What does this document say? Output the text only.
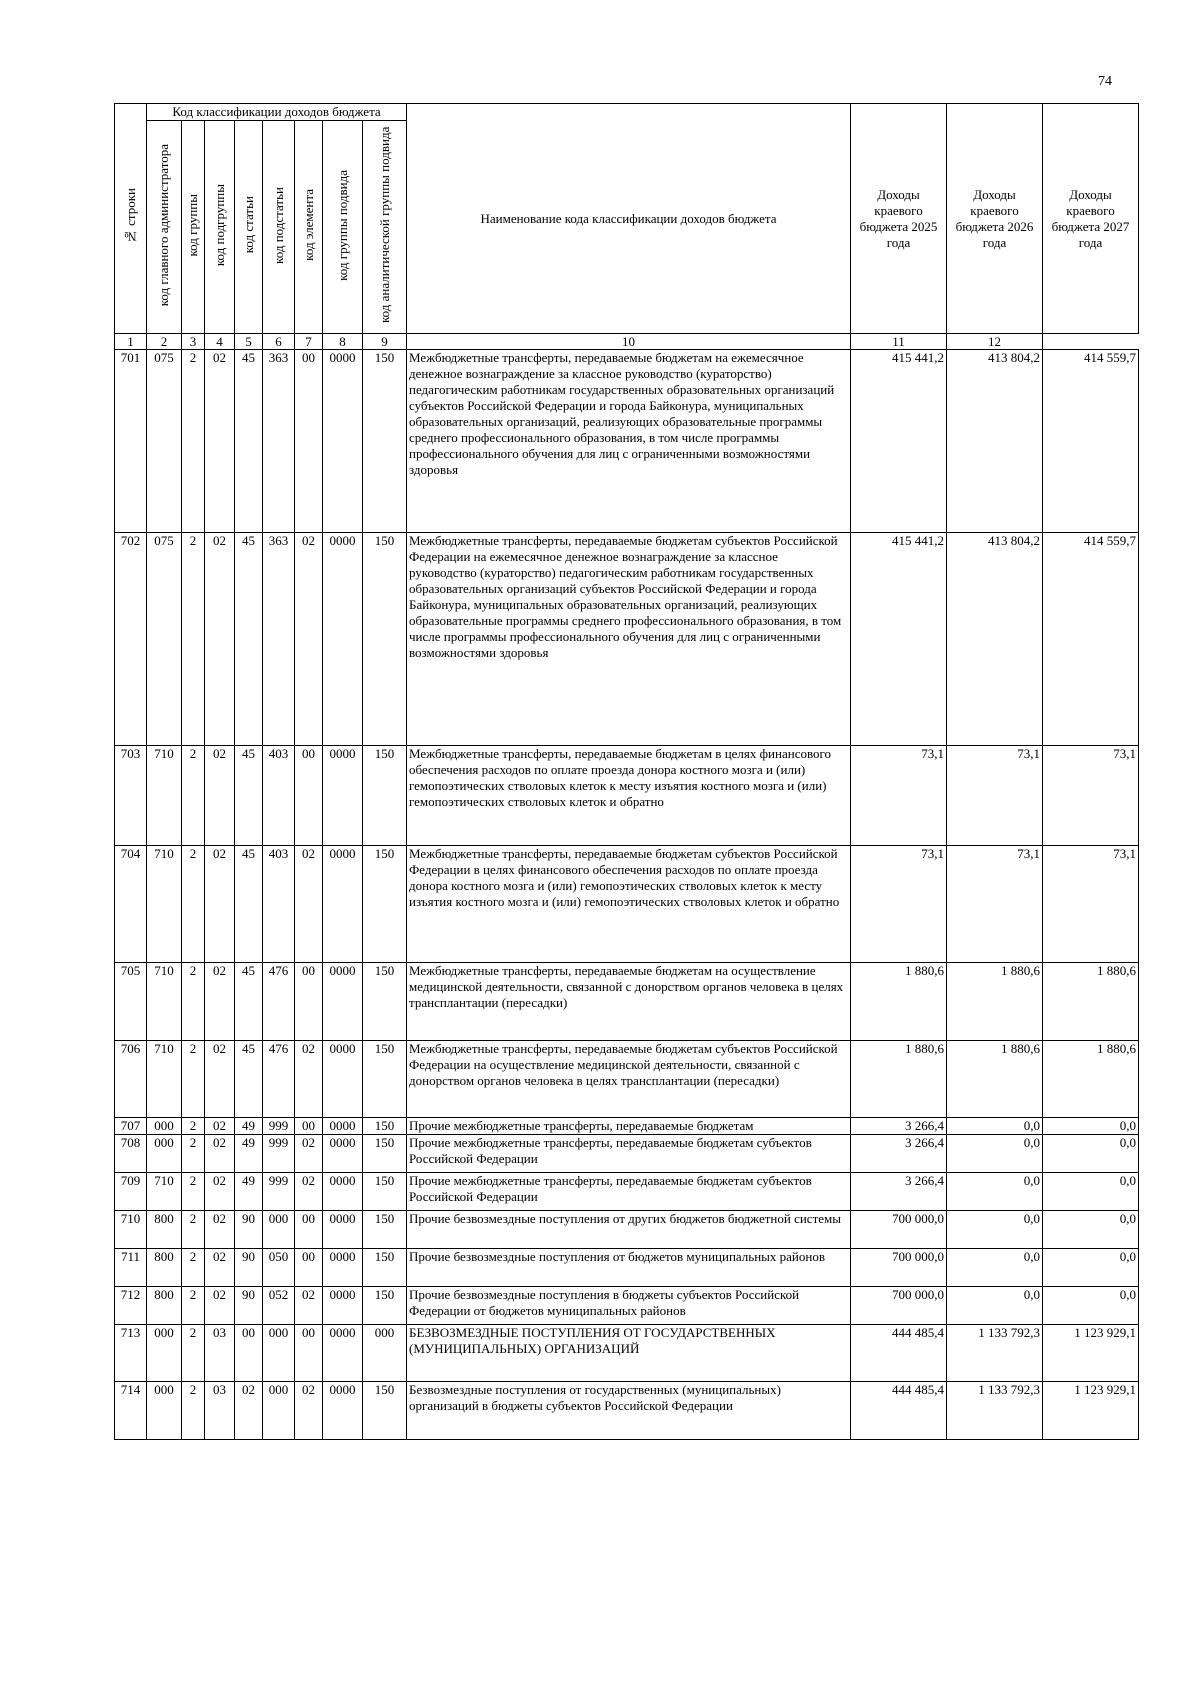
74
№ строки	Код классификации доходов бюджета								Наименование кода классификации доходов бюджета	Доходы краевого бюджета 2025 года	Доходы краевого бюджета 2026 года	Доходы краевого бюджета 2027 года
	код главного администратора	код группы	код подгруппы	код статьи	код подстатьи	код элемента	код группы подвида	код аналитической группы подвида				
1	2	3	4	5	6	7	8	9	10	11	12	
701	075	2	02	45	363	00	0000	150	Межбюджетные трансферты, передаваемые бюджетам на ежемесячное денежное вознаграждение за классное руководство (кураторство) педагогическим работникам государственных образовательных организаций субъектов Российской Федерации и города Байконура, муниципальных образовательных организаций, реализующих образовательные программы среднего профессионального образования, в том числе программы профессионального обучения для лиц с ограниченными возможностями здоровья	415 441,2	413 804,2	414 559,7
702	075	2	02	45	363	02	0000	150	Межбюджетные трансферты, передаваемые бюджетам субъектов Российской Федерации на ежемесячное денежное вознаграждение за классное руководство (кураторство) педагогическим работникам государственных образовательных организаций субъектов Российской Федерации и города Байконура, муниципальных образовательных организаций, реализующих образовательные программы среднего профессионального образования, в том числе программы профессионального обучения для лиц с ограниченными возможностями здоровья	415 441,2	413 804,2	414 559,7
703	710	2	02	45	403	00	0000	150	Межбюджетные трансферты, передаваемые бюджетам в целях финансового обеспечения расходов по оплате проезда донора костного мозга и (или) гемопоэтических стволовых клеток к месту изъятия костного мозга и (или) гемопоэтических стволовых клеток и обратно	73,1	73,1	73,1
704	710	2	02	45	403	02	0000	150	Межбюджетные трансферты, передаваемые бюджетам субъектов Российской Федерации в целях финансового обеспечения расходов по оплате проезда донора костного мозга и (или) гемопоэтических стволовых клеток к месту изъятия костного мозга и (или) гемопоэтических стволовых клеток и обратно	73,1	73,1	73,1
705	710	2	02	45	476	00	0000	150	Межбюджетные трансферты, передаваемые бюджетам на осуществление медицинской деятельности, связанной с донорством органов человека в целях трансплантации (пересадки)	1 880,6	1 880,6	1 880,6
706	710	2	02	45	476	02	0000	150	Межбюджетные трансферты, передаваемые бюджетам субъектов Российской Федерации на осуществление медицинской деятельности, связанной с донорством органов человека в целях трансплантации (пересадки)	1 880,6	1 880,6	1 880,6
707	000	2	02	49	999	00	0000	150	Прочие межбюджетные трансферты, передаваемые бюджетам	3 266,4	0,0	0,0
708	000	2	02	49	999	02	0000	150	Прочие межбюджетные трансферты, передаваемые бюджетам субъектов Российской Федерации	3 266,4	0,0	0,0
709	710	2	02	49	999	02	0000	150	Прочие межбюджетные трансферты, передаваемые бюджетам субъектов Российской Федерации	3 266,4	0,0	0,0
710	800	2	02	90	000	00	0000	150	Прочие безвозмездные поступления от других бюджетов бюджетной системы	700 000,0	0,0	0,0
711	800	2	02	90	050	00	0000	150	Прочие безвозмездные поступления от бюджетов муниципальных районов	700 000,0	0,0	0,0
712	800	2	02	90	052	02	0000	150	Прочие безвозмездные поступления в бюджеты субъектов Российской Федерации от бюджетов муниципальных районов	700 000,0	0,0	0,0
713	000	2	03	00	000	00	0000	000	БЕЗВОЗМЕЗДНЫЕ ПОСТУПЛЕНИЯ ОТ ГОСУДАРСТВЕННЫХ (МУНИЦИПАЛЬНЫХ) ОРГАНИЗАЦИЙ	444 485,4	1 133 792,3	1 123 929,1
714	000	2	03	02	000	02	0000	150	Безвозмездные поступления от государственных (муниципальных) организаций в бюджеты субъектов Российской Федерации	444 485,4	1 133 792,3	1 123 929,1
